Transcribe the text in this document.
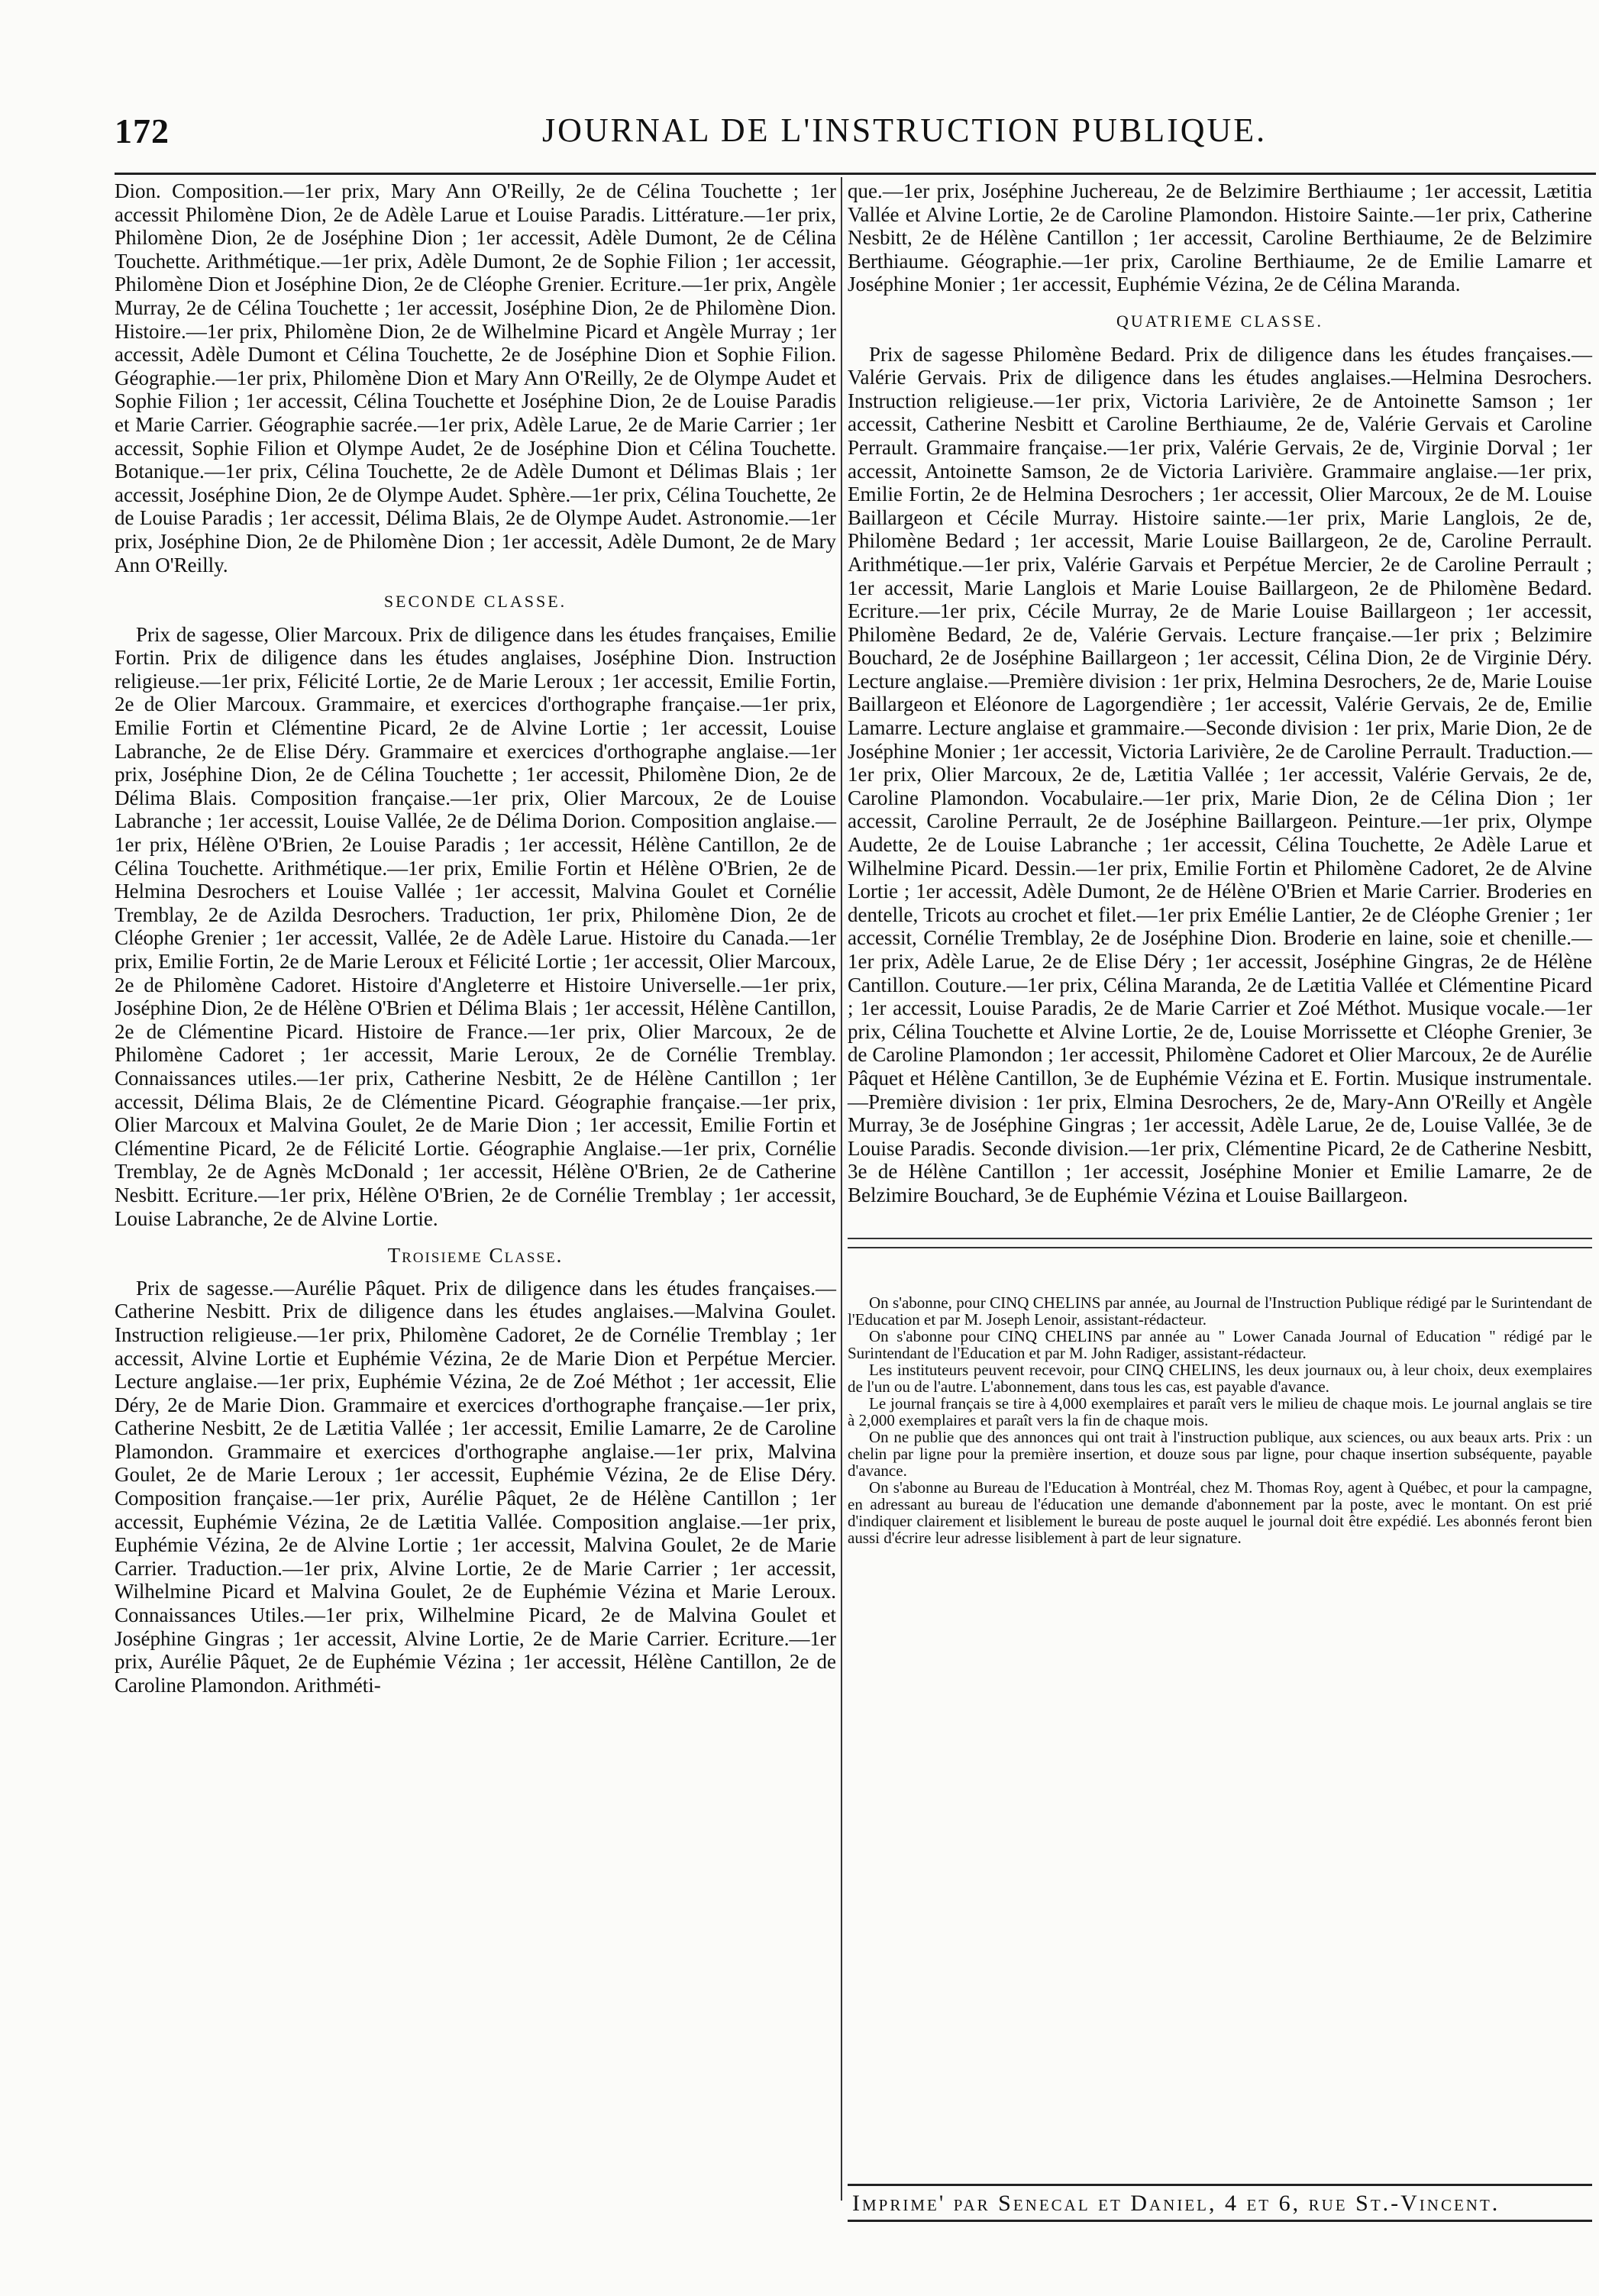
172	JOURNAL DE L'INSTRUCTION PUBLIQUE.

Dion. Composition.—1er prix, Mary Ann O'Reilly, 2e de Célina Touchette ; 1er accessit Philomène Dion, 2e de Adèle Larue et Louise Paradis. Littérature.—1er prix, Philomène Dion, 2e de Joséphine Dion ; 1er accessit, Adèle Dumont, 2e de Célina Touchette. Arithmétique.—1er prix, Adèle Dumont, 2e de Sophie Filion ; 1er accessit, Philomène Dion et Joséphine Dion, 2e de Cléophe Grenier. Ecriture.—1er prix, Angèle Murray, 2e de Célina Touchette ; 1er accessit, Joséphine Dion, 2e de Philomène Dion. Histoire.—1er prix, Philomène Dion, 2e de Wilhelmine Picard et Angèle Murray ; 1er accessit, Adèle Dumont et Célina Touchette, 2e de Joséphine Dion et Sophie Filion. Géographie.—1er prix, Philomène Dion et Mary Ann O'Reilly, 2e de Olympe Audet et Sophie Filion ; 1er accessit, Célina Touchette et Joséphine Dion, 2e de Louise Paradis et Marie Carrier. Géographie sacrée.—1er prix, Adèle Larue, 2e de Marie Carrier ; 1er accessit, Sophie Filion et Olympe Audet, 2e de Joséphine Dion et Célina Touchette. Botanique.—1er prix, Célina Touchette, 2e de Adèle Dumont et Délimas Blais ; 1er accessit, Joséphine Dion, 2e de Olympe Audet. Sphère.—1er prix, Célina Touchette, 2e de Louise Paradis ; 1er accessit, Délima Blais, 2e de Olympe Audet. Astronomie.—1er prix, Joséphine Dion, 2e de Philomène Dion ; 1er accessit, Adèle Dumont, 2e de Mary Ann O'Reilly.

SECONDE CLASSE.

Prix de sagesse, Olier Marcoux. Prix de diligence dans les études françaises, Emilie Fortin. Prix de diligence dans les études anglaises, Joséphine Dion. Instruction religieuse.—1er prix, Félicité Lortie, 2e de Marie Leroux ; 1er accessit, Emilie Fortin, 2e de Olier Marcoux. Grammaire, et exercices d'orthographe française.—1er prix, Emilie Fortin et Clémentine Picard, 2e de Alvine Lortie ; 1er accessit, Louise Labranche, 2e de Elise Déry. Grammaire et exercices d'orthographe anglaise.—1er prix, Joséphine Dion, 2e de Célina Touchette ; 1er accessit, Philomène Dion, 2e de Délima Blais. Composition française.—1er prix, Olier Marcoux, 2e de Louise Labranche ; 1er accessit, Louise Vallée, 2e de Délima Dorion. Composition anglaise.—1er prix, Hélène O'Brien, 2e Louise Paradis ; 1er accessit, Hélène Cantillon, 2e de Célina Touchette. Arithmétique.—1er prix, Emilie Fortin et Hélène O'Brien, 2e de Helmina Desrochers et Louise Vallée ; 1er accessit, Malvina Goulet et Cornélie Tremblay, 2e de Azilda Desrochers. Traduction, 1er prix, Philomène Dion, 2e de Cléophe Grenier ; 1er accessit, Vallée, 2e de Adèle Larue. Histoire du Canada.—1er prix, Emilie Fortin, 2e de Marie Leroux et Félicité Lortie ; 1er accessit, Olier Marcoux, 2e de Philomène Cadoret. Histoire d'Angleterre et Histoire Universelle.—1er prix, Joséphine Dion, 2e de Hélène O'Brien et Délima Blais ; 1er accessit, Hélène Cantillon, 2e de Clémentine Picard. Histoire de France.—1er prix, Olier Marcoux, 2e de Philomène Cadoret ; 1er accessit, Marie Leroux, 2e de Cornélie Tremblay. Connaissances utiles.—1er prix, Catherine Nesbitt, 2e de Hélène Cantillon ; 1er accessit, Délima Blais, 2e de Clémentine Picard. Géographie française.—1er prix, Olier Marcoux et Malvina Goulet, 2e de Marie Dion ; 1er accessit, Emilie Fortin et Clémentine Picard, 2e de Félicité Lortie. Géographie Anglaise.—1er prix, Cornélie Tremblay, 2e de Agnès McDonald ; 1er accessit, Hélène O'Brien, 2e de Catherine Nesbitt. Ecriture.—1er prix, Hélène O'Brien, 2e de Cornélie Tremblay ; 1er accessit, Louise Labranche, 2e de Alvine Lortie.

Troisieme Classe.

Prix de sagesse.—Aurélie Pâquet. Prix de diligence dans les études françaises.—Catherine Nesbitt. Prix de diligence dans les études anglaises.—Malvina Goulet. Instruction religieuse.—1er prix, Philomène Cadoret, 2e de Cornélie Tremblay ; 1er accessit, Alvine Lortie et Euphémie Vézina, 2e de Marie Dion et Perpétue Mercier. Lecture anglaise.—1er prix, Euphémie Vézina, 2e de Zoé Méthot ; 1er accessit, Elie Déry, 2e de Marie Dion. Grammaire et exercices d'orthographe française.—1er prix, Catherine Nesbitt, 2e de Lætitia Vallée ; 1er accessit, Emilie Lamarre, 2e de Caroline Plamondon. Grammaire et exercices d'orthographe anglaise.—1er prix, Malvina Goulet, 2e de Marie Leroux ; 1er accessit, Euphémie Vézina, 2e de Elise Déry. Composition française.—1er prix, Aurélie Pâquet, 2e de Hélène Cantillon ; 1er accessit, Euphémie Vézina, 2e de Lætitia Vallée. Composition anglaise.—1er prix, Euphémie Vézina, 2e de Alvine Lortie ; 1er accessit, Malvina Goulet, 2e de Marie Carrier. Traduction.—1er prix, Alvine Lortie, 2e de Marie Carrier ; 1er accessit, Wilhelmine Picard et Malvina Goulet, 2e de Euphémie Vézina et Marie Leroux. Connaissances Utiles.—1er prix, Wilhelmine Picard, 2e de Malvina Goulet et Joséphine Gingras ; 1er accessit, Alvine Lortie, 2e de Marie Carrier. Ecriture.—1er prix, Aurélie Pâquet, 2e de Euphémie Vézina ; 1er accessit, Hélène Cantillon, 2e de Caroline Plamondon. Arithméti-

que.—1er prix, Joséphine Juchereau, 2e de Belzimire Berthiaume ; 1er accessit, Lætitia Vallée et Alvine Lortie, 2e de Caroline Plamondon. Histoire Sainte.—1er prix, Catherine Nesbitt, 2e de Hélène Cantillon ; 1er accessit, Caroline Berthiaume, 2e de Belzimire Berthiaume. Géographie.—1er prix, Caroline Berthiaume, 2e de Emilie Lamarre et Joséphine Monier ; 1er accessit, Euphémie Vézina, 2e de Célina Maranda.

QUATRIEME CLASSE.

Prix de sagesse Philomène Bedard. Prix de diligence dans les études françaises.—Valérie Gervais. Prix de diligence dans les études anglaises.—Helmina Desrochers. Instruction religieuse.—1er prix, Victoria Larivière, 2e de Antoinette Samson ; 1er accessit, Catherine Nesbitt et Caroline Berthiaume, 2e de, Valérie Gervais et Caroline Perrault. Grammaire française.—1er prix, Valérie Gervais, 2e de, Virginie Dorval ; 1er accessit, Antoinette Samson, 2e de Victoria Larivière. Grammaire anglaise.—1er prix, Emilie Fortin, 2e de Helmina Desrochers ; 1er accessit, Olier Marcoux, 2e de M. Louise Baillargeon et Cécile Murray. Histoire sainte.—1er prix, Marie Langlois, 2e de, Philomène Bedard ; 1er accessit, Marie Louise Baillargeon, 2e de, Caroline Perrault. Arithmétique.—1er prix, Valérie Garvais et Perpétue Mercier, 2e de Caroline Perrault ; 1er accessit, Marie Langlois et Marie Louise Baillargeon, 2e de Philomène Bedard. Ecriture.—1er prix, Cécile Murray, 2e de Marie Louise Baillargeon ; 1er accessit, Philomène Bedard, 2e de, Valérie Gervais. Lecture française.—1er prix ; Belzimire Bouchard, 2e de Joséphine Baillargeon ; 1er accessit, Célina Dion, 2e de Virginie Déry. Lecture anglaise.—Première division : 1er prix, Helmina Desrochers, 2e de, Marie Louise Baillargeon et Eléonore de Lagorgendière ; 1er accessit, Valérie Gervais, 2e de, Emilie Lamarre. Lecture anglaise et grammaire.—Seconde division : 1er prix, Marie Dion, 2e de Joséphine Monier ; 1er accessit, Victoria Larivière, 2e de Caroline Perrault. Traduction.—1er prix, Olier Marcoux, 2e de, Lætitia Vallée ; 1er accessit, Valérie Gervais, 2e de, Caroline Plamondon. Vocabulaire.—1er prix, Marie Dion, 2e de Célina Dion ; 1er accessit, Caroline Perrault, 2e de Joséphine Baillargeon. Peinture.—1er prix, Olympe Audette, 2e de Louise Labranche ; 1er accessit, Célina Touchette, 2e Adèle Larue et Wilhelmine Picard. Dessin.—1er prix, Emilie Fortin et Philomène Cadoret, 2e de Alvine Lortie ; 1er accessit, Adèle Dumont, 2e de Hélène O'Brien et Marie Carrier. Broderies en dentelle, Tricots au crochet et filet.—1er prix Emélie Lantier, 2e de Cléophe Grenier ; 1er accessit, Cornélie Tremblay, 2e de Joséphine Dion. Broderie en laine, soie et chenille.—1er prix, Adèle Larue, 2e de Elise Déry ; 1er accessit, Joséphine Gingras, 2e de Hélène Cantillon. Couture.—1er prix, Célina Maranda, 2e de Lætitia Vallée et Clémentine Picard ; 1er accessit, Louise Paradis, 2e de Marie Carrier et Zoé Méthot. Musique vocale.—1er prix, Célina Touchette et Alvine Lortie, 2e de, Louise Morrissette et Cléophe Grenier, 3e de Caroline Plamondon ; 1er accessit, Philomène Cadoret et Olier Marcoux, 2e de Aurélie Pâquet et Hélène Cantillon, 3e de Euphémie Vézina et E. Fortin. Musique instrumentale.—Première division : 1er prix, Elmina Desrochers, 2e de, Mary-Ann O'Reilly et Angèle Murray, 3e de Joséphine Gingras ; 1er accessit, Adèle Larue, 2e de, Louise Vallée, 3e de Louise Paradis. Seconde division.—1er prix, Clémentine Picard, 2e de Catherine Nesbitt, 3e de Hélène Cantillon ; 1er accessit, Joséphine Monier et Emilie Lamarre, 2e de Belzimire Bouchard, 3e de Euphémie Vézina et Louise Baillargeon.

On s'abonne, pour CINQ CHELINS par année, au Journal de l'Instruction Publique rédigé par le Surintendant de l'Education et par M. Joseph Lenoir, assistant-rédacteur.

On s'abonne pour CINQ CHELINS par année au " Lower Canada Journal of Education " rédigé par le Surintendant de l'Education et par M. John Radiger, assistant-rédacteur.

Les instituteurs peuvent recevoir, pour CINQ CHELINS, les deux journaux ou, à leur choix, deux exemplaires de l'un ou de l'autre. L'abonnement, dans tous les cas, est payable d'avance.

Le journal français se tire à 4,000 exemplaires et paraît vers le milieu de chaque mois. Le journal anglais se tire à 2,000 exemplaires et paraît vers la fin de chaque mois.

On ne publie que des annonces qui ont trait à l'instruction publique, aux sciences, ou aux beaux arts. Prix : un chelin par ligne pour la première insertion, et douze sous par ligne, pour chaque insertion subséquente, payable d'avance.

On s'abonne au Bureau de l'Education à Montréal, chez M. Thomas Roy, agent à Québec, et pour la campagne, en adressant au bureau de l'éducation une demande d'abonnement par la poste, avec le montant. On est prié d'indiquer clairement et lisiblement le bureau de poste auquel le journal doit être expédié. Les abonnés feront bien aussi d'écrire leur adresse lisiblement à part de leur signature.

Imprime' par Senecal et Daniel, 4 et 6, rue St.-Vincent.
